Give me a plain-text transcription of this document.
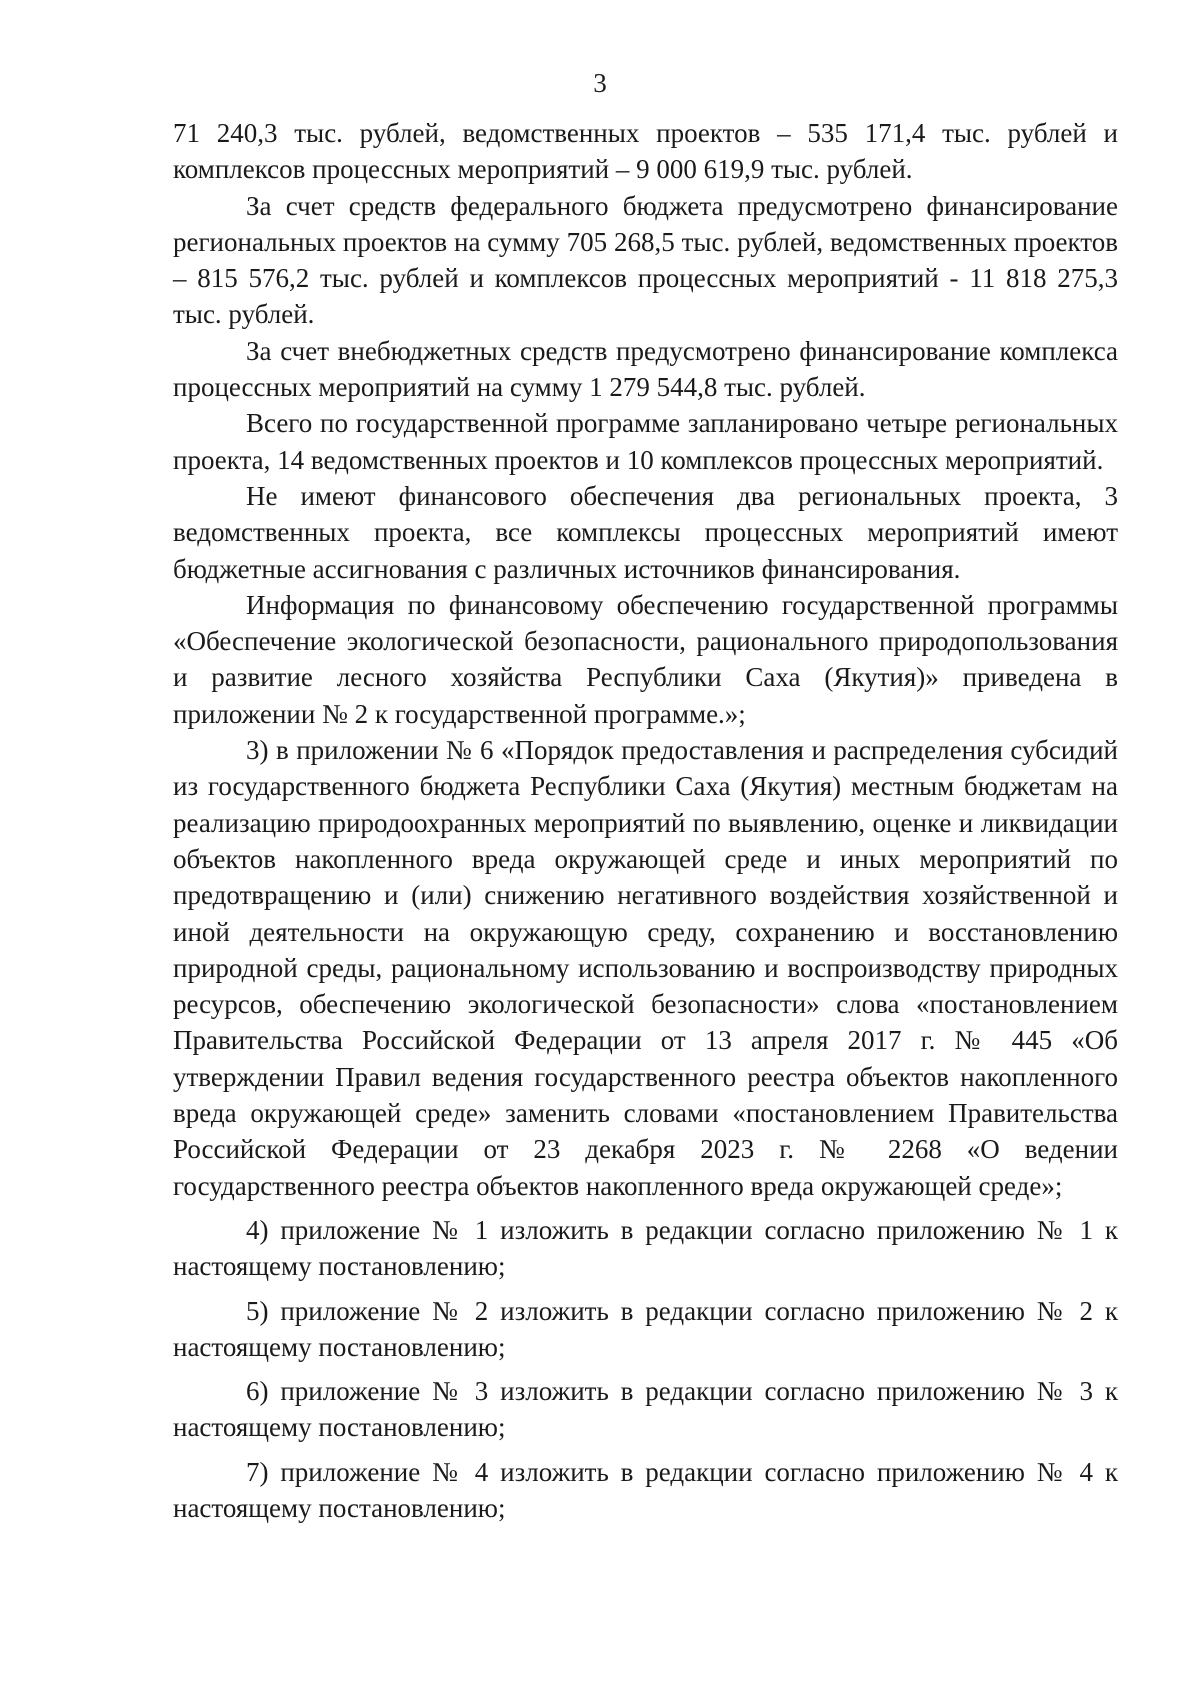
3

71 240,3 тыс. рублей, ведомственных проектов – 535 171,4 тыс. рублей и комплексов процессных мероприятий – 9 000 619,9 тыс. рублей.

За счет средств федерального бюджета предусмотрено финансирование региональных проектов на сумму 705 268,5 тыс. рублей, ведомственных проектов – 815 576,2 тыс. рублей и комплексов процессных мероприятий - 11 818 275,3 тыс. рублей.

За счет внебюджетных средств предусмотрено финансирование комплекса процессных мероприятий на сумму 1 279 544,8 тыс. рублей.

Всего по государственной программе запланировано четыре региональных проекта, 14 ведомственных проектов и 10 комплексов процессных мероприятий.

Не имеют финансового обеспечения два региональных проекта, 3 ведомственных проекта, все комплексы процессных мероприятий имеют бюджетные ассигнования с различных источников финансирования.

Информация по финансовому обеспечению государственной программы «Обеспечение экологической безопасности, рационального природопользования и развитие лесного хозяйства Республики Саха (Якутия)» приведена в приложении № 2 к государственной программе.»;

3) в приложении № 6 «Порядок предоставления и распределения субсидий из государственного бюджета Республики Саха (Якутия) местным бюджетам на реализацию природоохранных мероприятий по выявлению, оценке и ликвидации объектов накопленного вреда окружающей среде и иных мероприятий по предотвращению и (или) снижению негативного воздействия хозяйственной и иной деятельности на окружающую среду, сохранению и восстановлению природной среды, рациональному использованию и воспроизводству природных ресурсов, обеспечению экологической безопасности» слова «постановлением Правительства Российской Федерации от 13 апреля 2017 г. № 445 «Об утверждении Правил ведения государственного реестра объектов накопленного вреда окружающей среде» заменить словами «постановлением Правительства Российской Федерации от 23 декабря 2023 г. № 2268 «О ведении государственного реестра объектов накопленного вреда окружающей среде»;

4) приложение № 1 изложить в редакции согласно приложению № 1 к настоящему постановлению;

5) приложение № 2 изложить в редакции согласно приложению № 2 к настоящему постановлению;

6) приложение № 3 изложить в редакции согласно приложению № 3 к настоящему постановлению;

7) приложение № 4 изложить в редакции согласно приложению № 4 к настоящему постановлению;
